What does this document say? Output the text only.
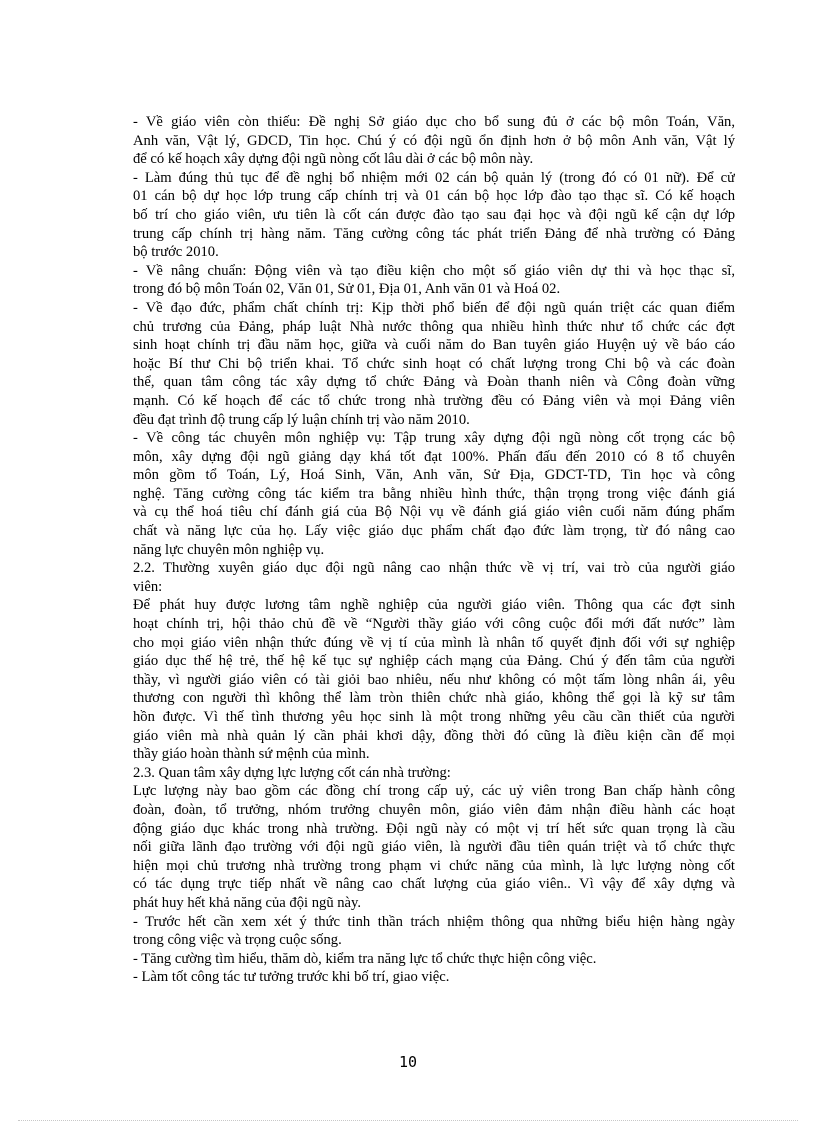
- Về giáo viên còn thiếu: Đề nghị Sở giáo dục cho bổ sung đủ ở các bộ môn Toán, Văn,
Anh văn, Vật lý, GDCD, Tin học. Chú ý có đội ngũ ổn định hơn ở bộ môn Anh văn, Vật lý
để có kế hoạch xây dựng đội ngũ nòng cốt lâu dài ở các bộ môn này.
- Làm đúng thủ tục để đề nghị bổ nhiệm mới 02 cán bộ quản lý (trong đó có 01 nữ). Để cử
01 cán bộ dự học lớp trung cấp chính trị và 01 cán bộ học lớp đào tạo thạc sĩ. Có kế hoạch
bố trí cho giáo viên, ưu tiên là cốt cán được đào tạo sau đại học và đội ngũ kế cận dự lớp
trung cấp chính trị hàng năm. Tăng cường công tác phát triển Đảng để nhà trường có Đảng
bộ trước 2010.
- Về nâng chuẩn: Động viên và tạo điều kiện cho một số giáo viên dự thi và học thạc sĩ,
trong đó bộ môn Toán 02, Văn 01, Sử 01, Địa 01, Anh văn 01 và Hoá 02.
- Về đạo đức, phẩm chất chính trị: Kịp thời phổ biến để đội ngũ quán triệt các quan điểm
chủ trương của Đảng, pháp luật Nhà nước thông qua nhiều hình thức như tổ chức các đợt
sinh hoạt chính trị đầu năm học, giữa và cuối năm do Ban tuyên giáo Huyện uỷ về báo cáo
hoặc Bí thư Chi bộ triển khai. Tổ chức sinh hoạt có chất lượng trong Chi bộ và các đoàn
thể, quan tâm công tác xây dựng tổ chức Đảng và Đoàn thanh niên và Công đoàn vững
mạnh. Có kế hoạch để các tổ chức trong nhà trường đều có Đảng viên và mọi Đảng viên
đều đạt trình độ trung cấp lý luận chính trị vào năm 2010.
- Về công tác chuyên môn nghiệp vụ: Tập trung xây dựng đội ngũ nòng cốt trọng các bộ
môn, xây dựng đội ngũ giảng dạy khá tốt đạt 100%. Phấn đấu đến 2010 có 8 tổ chuyên
môn gồm tổ Toán, Lý, Hoá Sinh, Văn, Anh văn, Sử Địa, GDCT-TD, Tin học và công
nghệ. Tăng cường công tác kiểm tra bằng nhiều hình thức, thận trọng trong việc đánh giá
và cụ thể hoá tiêu chí đánh giá của Bộ Nội vụ về đánh giá giáo viên cuối năm đúng phẩm
chất và năng lực của họ. Lấy việc giáo dục phẩm chất đạo đức làm trọng, từ đó nâng cao
năng lực chuyên môn nghiệp vụ.
2.2. Thường xuyên giáo dục đội ngũ nâng cao nhận thức về vị trí, vai trò của người giáo
viên:
Để phát huy được lương tâm nghề nghiệp của người giáo viên. Thông qua các đợt sinh
hoạt chính trị, hội thảo chủ đề về “Người thầy giáo với công cuộc đổi mới đất nước” làm
cho mọi giáo viên nhận thức đúng về vị tí của mình là nhân tố quyết định đối với sự nghiệp
giáo dục thế hệ trẻ, thế hệ kế tục sự nghiệp cách mạng của Đảng. Chú ý đến tâm của người
thầy, vì người giáo viên có tài giỏi bao nhiêu, nếu như không có một tấm lòng nhân ái, yêu
thương con người thì không thể làm tròn thiên chức nhà giáo, không thể gọi là kỹ sư tâm
hồn được. Vì thế tình thương yêu học sinh là một trong những yêu cầu cần thiết của người
giáo viên mà nhà quản lý cần phải khơi dậy, đồng thời đó cũng là điều kiện cần để mọi
thầy giáo hoàn thành sứ mệnh của mình.
2.3. Quan tâm xây dựng lực lượng cốt cán nhà trường:
Lực lượng này bao gồm các đồng chí trong cấp uỷ, các uỷ viên trong Ban chấp hành công
đoàn, đoàn, tổ trưởng, nhóm trưởng chuyên môn, giáo viên đảm nhận điều hành các hoạt
động giáo dục khác trong nhà trường. Đội ngũ này có một vị trí hết sức quan trọng là cầu
nối giữa lãnh đạo trường với đội ngũ giáo viên, là người đầu tiên quán triệt và tổ chức thực
hiện mọi chủ trương nhà trường trong phạm vi chức năng của mình, là lực lượng nòng cốt
có tác dụng trực tiếp nhất về nâng cao chất lượng của giáo viên.. Vì vậy để xây dựng và
phát huy hết khả năng của đội ngũ này.
- Trước hết cần xem xét ý thức tinh thần trách nhiệm thông qua những biểu hiện hàng ngày
trong công việc và trọng cuộc sống.
- Tăng cường tìm hiểu, thăm dò, kiểm tra năng lực tổ chức thực hiện công việc.
- Làm tốt công tác tư tưởng trước khi bố trí, giao việc.
10
